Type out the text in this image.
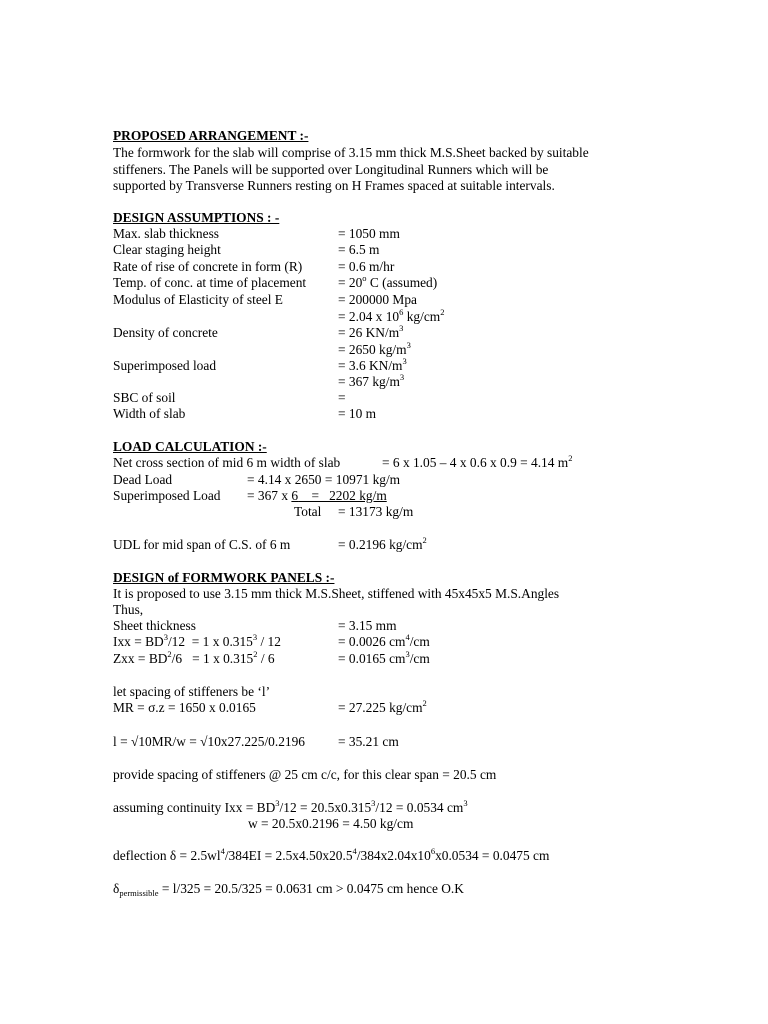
PROPOSED ARRANGEMENT :-
The formwork for the slab will comprise of 3.15 mm thick M.S.Sheet backed by suitable
stiffeners. The Panels will be supported over Longitudinal Runners which will be
supported by Transverse Runners resting on H Frames spaced at suitable intervals.
DESIGN ASSUMPTIONS : -
Max. slab thickness	= 1050 mm
Clear staging height	= 6.5 m
Rate of rise of concrete in form (R)	= 0.6 m/hr
Temp. of conc. at time of placement = $20^o$ C (assumed)
Modulus of Elasticity of steel E	= 200000 Mpa
= 2.04 x $10^6$ $kg/cm^2$
Density of concrete	= 26 $KN/m^3$
= 2650 $kg/m^3$
Superimposed load	= 3.6 $KN/m^3$
= 367 $kg/m^3$
SBC of soil	=
Width of slab	= 10 m
LOAD CALCULATION :-
Net cross section of mid 6 m width of slab	= 6 x 1.05 – 4 x 0.6 x 0.9 = 4.14 $m^2$
Dead Load	= 4.14 x 2650 = 10971 kg/m
Superimposed Load = 367 x 6    =   2202 kg/m
Total = 13173 kg/m
UDL for mid span of C.S. of 6 m	= 0.2196 $kg/cm^2$
DESIGN of FORMWORK PANELS :-
It is proposed to use 3.15 mm thick M.S.Sheet, stiffened with 45x45x5 M.S.Angles
Thus,
Sheet thickness	= 3.15 mm
Ixx = $BD^3/12 = 1$ x 0.315$^3$ / 12	= 0.0026 $cm^4/cm$
Zxx = $BD^2/6 = 1$ x 0.315$^2$ / 6	= 0.0165 $cm^3/cm$
let spacing of stiffeners be ‘l’
MR = σ.z = 1650 x 0.0165	= 27.225 $kg/cm^2$
l = √10MR/w = √10x27.225/0.2196 = 35.21 cm
provide spacing of stiffeners @ 25 cm c/c, for this clear span = 20.5 cm
assuming continuity Ixx = $BD^3/12 = 20.5x0.315^3/12 = 0.0534$ $cm^3$
w = 20.5x0.2196 = 4.50 kg/cm
deflection $\delta = 2.5wl^4/384EI = 2.5x4.50x20.5^4/384x2.04x10^6x0.0534 = 0.0475$ cm
$\delta_{permissible} = l/325 = 20.5/325 = 0.0631$ cm > 0.0475 cm hence O.K
